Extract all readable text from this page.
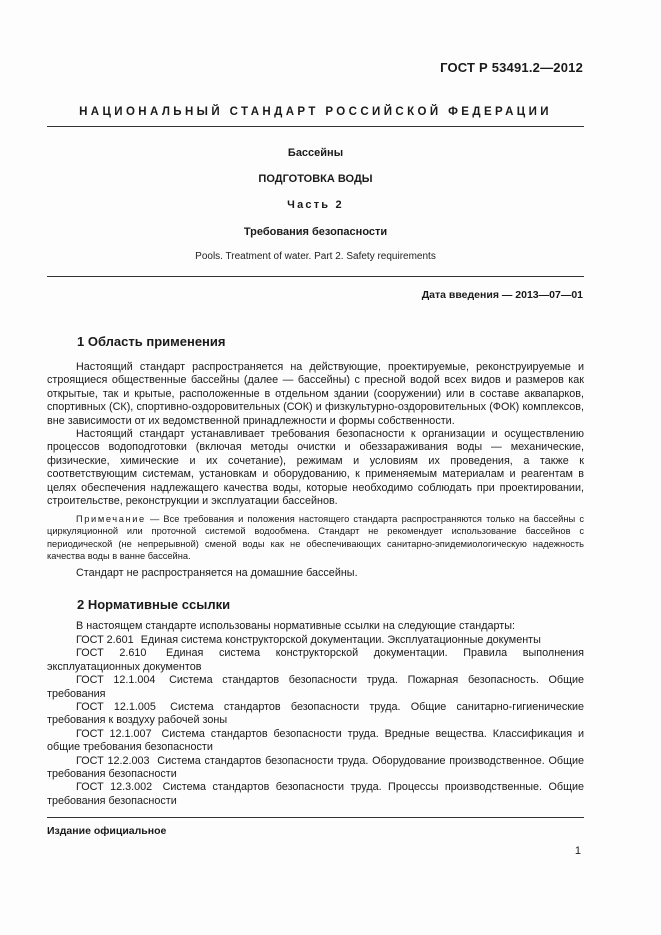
ГОСТ Р 53491.2—2012
НАЦИОНАЛЬНЫЙ СТАНДАРТ РОССИЙСКОЙ ФЕДЕРАЦИИ
Бассейны
ПОДГОТОВКА ВОДЫ
Часть 2
Требования безопасности
Pools. Treatment of water. Part 2. Safety requirements
Дата введения — 2013—07—01
1 Область применения

Настоящий стандарт распространяется на действующие, проектируемые, реконструируемые и строящиеся общественные бассейны (далее — бассейны) с пресной водой всех видов и размеров как открытые, так и крытые, расположенные в отдельном здании (сооружении) или в составе аквапарков, спортивных (СК), спортивно-оздоровительных (СОК) и физкультурно-оздоровительных (ФОК) комплексов, вне зависимости от их ведомственной принадлежности и формы собственности.

Настоящий стандарт устанавливает требования безопасности к организации и осуществлению процессов водоподготовки (включая методы очистки и обеззараживания воды — механические, физические, химические и их сочетание), режимам и условиям их проведения, а также к соответствующим системам, установкам и оборудованию, к применяемым материалам и реагентам в целях обеспечения надлежащего качества воды, которые необходимо соблюдать при проектировании, строительстве, реконструкции и эксплуатации бассейнов.

Примечание — Все требования и положения настоящего стандарта распространяются только на бассейны с циркуляционной или проточной системой водообмена. Стандарт не рекомендует использование бассейнов с периодической (не непрерывной) сменой воды как не обеспечивающих санитарно-эпидемиологическую надежность качества воды в ванне бассейна.

Стандарт не распространяется на домашние бассейны.

2 Нормативные ссылки

В настоящем стандарте использованы нормативные ссылки на следующие стандарты:

ГОСТ 2.601 Единая система конструкторской документации. Эксплуатационные документы
ГОСТ 2.610 Единая система конструкторской документации. Правила выполнения эксплуатационных документов
ГОСТ 12.1.004 Система стандартов безопасности труда. Пожарная безопасность. Общие требования
ГОСТ 12.1.005 Система стандартов безопасности труда. Общие санитарно-гигиенические требования к воздуху рабочей зоны
ГОСТ 12.1.007 Система стандартов безопасности труда. Вредные вещества. Классификация и общие требования безопасности
ГОСТ 12.2.003 Система стандартов безопасности труда. Оборудование производственное. Общие требования безопасности
ГОСТ 12.3.002 Система стандартов безопасности труда. Процессы производственные. Общие требования безопасности
Издание официальное
1
